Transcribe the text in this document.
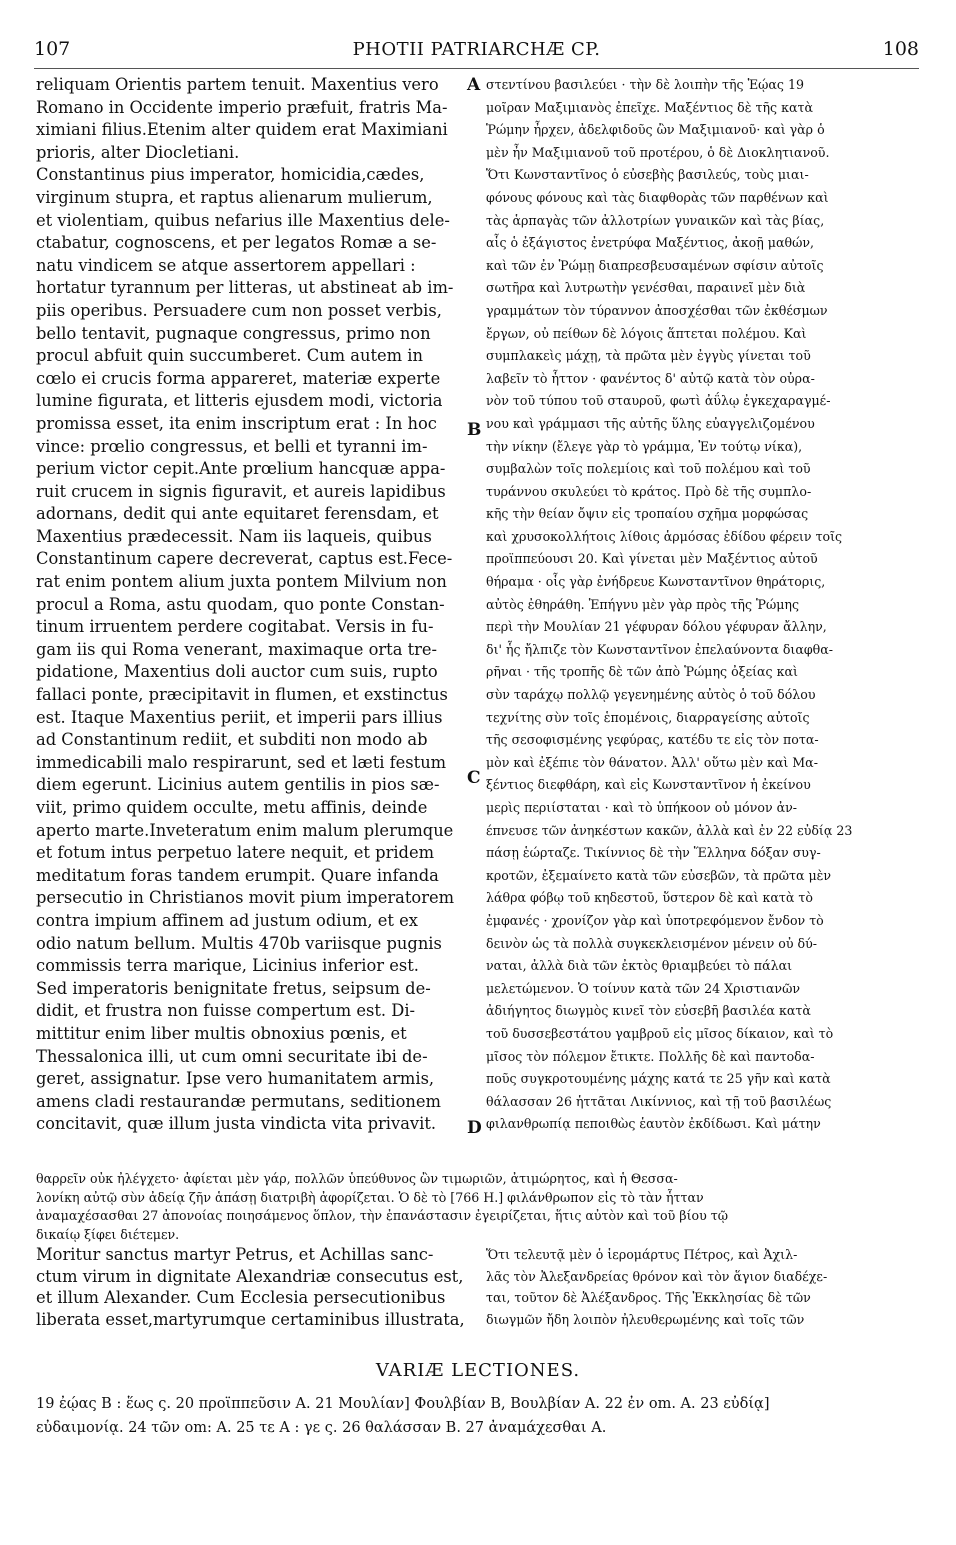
107	PHOTII PATRIARCHÆ CP.	108
reliquam Orientis partem tenuit. Maxentius vero
Romano in Occidente imperio præfuit, fratris Ma-
ximiani filius.Etenim alter quidem erat Maximiani
prioris, alter Diocletiani.
Constantinus pius imperator, homicidia,cædes,
virginum stupra, et raptus alienarum mulierum,
et violentiam, quibus nefarius ille Maxentius dele-
ctabatur, cognoscens, et per legatos Romæ a se-
natu vindicem se atque assertorem appellari :
hortatur tyrannum per litteras, ut abstineat ab im-
piis operibus. Persuadere cum non posset verbis,
bello tentavit, pugnaque congressus, primo non
procul abfuit quin succumberet. Cum autem in
cœlo ei crucis forma appareret, materiæ experte
lumine figurata, et litteris ejusdem modi, victoria
promissa esset, ita enim inscriptum erat : In hoc
vince: prœlio congressus, et belli et tyranni im-
perium victor cepit.Ante prœlium hancquæ appa-
ruit crucem in signis figuravit, et aureis lapidibus
adornans, dedit qui ante equitaret ferensdam, et
Maxentius prædecessit. Nam iis laqueis, quibus
Constantinum capere decreverat, captus est.Fece-
rat enim pontem alium juxta pontem Milvium non
procul a Roma, astu quodam, quo ponte Constan-
tinum irruentem perdere cogitabat. Versis in fu-
gam iis qui Roma venerant, maximaque orta tre-
pidatione, Maxentius doli auctor cum suis, rupto
fallaci ponte, præcipitavit in flumen, et exstinctus
est. Itaque Maxentius periit, et imperii pars illius
ad Constantinum rediit, et subditi non modo ab
immedicabili malo respirarunt, sed et læti festum
diem egerunt. Licinius autem gentilis in pios sæ-
viit, primo quidem occulte, metu affinis, deinde
aperto marte.Inveteratum enim malum plerumque
et fotum intus perpetuo latere nequit, et pridem
meditatum foras tandem erumpit. Quare infanda
persecutio in Christianos movit pium imperatorem
contra impium affinem ad justum odium, et ex
odio natum bellum. Multis 470b variisque pugnis
commissis terra marique, Licinius inferior est.
Sed imperatoris benignitate fretus, seipsum de-
didit, et frustra non fuisse compertum est. Di-
mittitur enim liber multis obnoxius pœnis, et
Thessalonica illi, ut cum omni securitate ibi de-
geret, assignatur. Ipse vero humanitatem armis,
amens cladi restaurandæ permutans, seditionem
concitavit, quæ illum justa vindicta vita privavit.
στεντίνου βασιλεύει · τὴν δὲ λοιπὴν τῆς Ἑῴας 19
μοῖραν Μαξιμιανὸς ἐπεῖχε. Μαξέντιος δὲ τῆς κατὰ
Ῥώμην ἦρχεν, ἀδελφιδοῦς ὢν Μαξιμιανοῦ· καὶ γὰρ ὁ
μὲν ἦν Μαξιμιανοῦ τοῦ προτέρου, ὁ δὲ Διοκλητιανοῦ.
Ὅτι Κωνσταντῖνος ὁ εὐσεβὴς βασιλεύς, τοὺς μιαι-
φόνους φόνους καὶ τὰς διαφθορὰς τῶν παρθένων καὶ
τὰς ἁρπαγὰς τῶν ἀλλοτρίων γυναικῶν καὶ τὰς βίας,
αἷς ὁ ἐξάγιστος ἐνετρύφα Μαξέντιος, ἀκοῇ μαθών,
καὶ τῶν ἐν Ῥώμῃ διαπρεσβευσαμένων σφίσιν αὐτοῖς
σωτῆρα καὶ λυτρωτὴν γενέσθαι, παραινεῖ μὲν διὰ
γραμμάτων τὸν τύραννον ἀποσχέσθαι τῶν ἐκθέσμων
ἔργων, οὐ πείθων δὲ λόγοις ἅπτεται πολέμου. Καὶ
συμπλακεὶς μάχῃ, τὰ πρῶτα μὲν ἐγγὺς γίνεται τοῦ
λαβεῖν τὸ ἧττον · φανέντος δ' αὐτῷ κατὰ τὸν οὐρα-
νὸν τοῦ τύπου τοῦ σταυροῦ, φωτὶ ἀΰλῳ ἐγκεχαραγμέ-
νου καὶ γράμμασι τῆς αὐτῆς ὕλης εὐαγγελιζομένου
τὴν νίκην (ἔλεγε γὰρ τὸ γράμμα, Ἐν τούτῳ νίκα),
συμβαλὼν τοῖς πολεμίοις καὶ τοῦ πολέμου καὶ τοῦ
τυράννου σκυλεύει τὸ κράτος. Πρὸ δὲ τῆς συμπλο-
κῆς τὴν θείαν ὄψιν εἰς τροπαίου σχῆμα μορφώσας
καὶ χρυσοκολλήτοις λίθοις ἁρμόσας ἐδίδου φέρειν τοῖς
προϊππεύουσι 20. Καὶ γίνεται μὲν Μαξέντιος αὐτοῦ
θήραμα · οἷς γὰρ ἐνήδρευε Κωνσταντῖνον θηράτορις,
αὐτὸς ἐθηράθη. Ἐπήγνυ μὲν γὰρ πρὸς τῆς Ῥώμης
περὶ τὴν Μουλίαν 21 γέφυραν δόλου γέφυραν ἄλλην,
δι' ἧς ἤλπιζε τὸν Κωνσταντῖνον ἐπελαύνοντα διαφθα-
ρῆναι · τῆς τροπῆς δὲ τῶν ἀπὸ Ῥώμης ὀξείας καὶ
σὺν ταράχῳ πολλῷ γεγενημένης αὐτὸς ὁ τοῦ δόλου
τεχνίτης σὺν τοῖς ἑπομένοις, διαρραγείσης αὐτοῖς
τῆς σεσοφισμένης γεφύρας, κατέδυ τε εἰς τὸν ποτα-
μὸν καὶ ἐξέπιε τὸν θάνατον. Ἀλλ' οὕτω μὲν καὶ Μα-
ξέντιος διεφθάρη, καὶ εἰς Κωνσταντῖνον ἡ ἐκείνου
μερὶς περιίσταται · καὶ τὸ ὑπήκοον οὐ μόνον ἀν-
έπνευσε τῶν ἀνηκέστων κακῶν, ἀλλὰ καὶ ἐν 22 εὐδίᾳ 23
πάσῃ ἑώρταζε. Τικίννιος δὲ τὴν Ἕλληνα δόξαν συγ-
κροτῶν, ἐξεμαίνετο κατὰ τῶν εὐσεβῶν, τὰ πρῶτα μὲν
λάθρα φόβῳ τοῦ κηδεστοῦ, ὕστερον δὲ καὶ κατὰ τὸ
ἐμφανές · χρονίζον γὰρ καὶ ὑποτρεφόμενον ἔνδον τὸ
δεινὸν ὡς τὰ πολλὰ συγκεκλεισμένον μένειν οὐ δύ-
ναται, ἀλλὰ διὰ τῶν ἐκτὸς θριαμβεύει τὸ πάλαι
μελετώμενον. Ὁ τοίνυν κατὰ τῶν 24 Χριστιανῶν
ἀδιήγητος διωγμὸς κινεῖ τὸν εὐσεβῆ βασιλέα κατὰ
τοῦ δυσσεβεστάτου γαμβροῦ εἰς μῖσος δίκαιον, καὶ τὸ
μῖσος τὸν πόλεμον ἔτικτε. Πολλῆς δὲ καὶ παντοδα-
ποῦς συγκροτουμένης μάχης κατά τε 25 γῆν καὶ κατὰ
θάλασσαν 26 ἡττᾶται Λικίννιος, καὶ τῇ τοῦ βασιλέως
φιλανθρωπίᾳ πεποιθὼς ἑαυτὸν ἐκδίδωσι. Καὶ μάτην
A
B
C
D
θαρρεῖν οὐκ ἠλέγχετο· ἀφίεται μὲν γάρ, πολλῶν ὑπεύθυνος ὢν τιμωριῶν, ἀτιμώρητος, καὶ ἡ Θεσσα-
λονίκη αὐτῷ σὺν ἀδείᾳ ζῆν ἁπάσῃ διατριβὴ ἀφορίζεται. Ὁ δὲ τὸ [766 H.] φιλάνθρωπον εἰς τὸ τὰν ἧτταν
ἀναμαχέσασθαι 27 ἀπονοίας ποιησάμενος ὅπλον, τὴν ἐπανάστασιν ἐγειρίζεται, ἥτις αὐτὸν καὶ τοῦ βίου τῷ
δικαίῳ ξίφει διέτεμεν.
Moritur sanctus martyr Petrus, et Achillas sanc-
ctum virum in dignitate Alexandriæ consecutus est,
et illum Alexander. Cum Ecclesia persecutionibus
liberata esset,martyrumque certaminibus illustrata,
Ὅτι τελευτᾷ μὲν ὁ ἱερομάρτυς Πέτρος, καὶ Ἀχιλ-
λᾶς τὸν Ἀλεξανδρείας θρόνον καὶ τὸν ἅγιον διαδέχε-
ται, τοῦτον δὲ Ἀλέξανδρος. Τῆς Ἐκκλησίας δὲ τῶν
διωγμῶν ἤδη λοιπὸν ἠλευθερωμένης καὶ τοῖς τῶν
VARIÆ LECTIONES.
19 ἐῴας B : ἕως ς. 20 προϊππεῦσιν A. 21 Μουλίαν] Φουλβίαν B, Βουλβίαν A. 22 ἐν om. A. 23 εὐδίᾳ]
εὐδαιμονίᾳ. 24 τῶν om: A. 25 τε A : γε ς. 26 θαλάσσαν B. 27 ἀναμάχεσθαι A.
